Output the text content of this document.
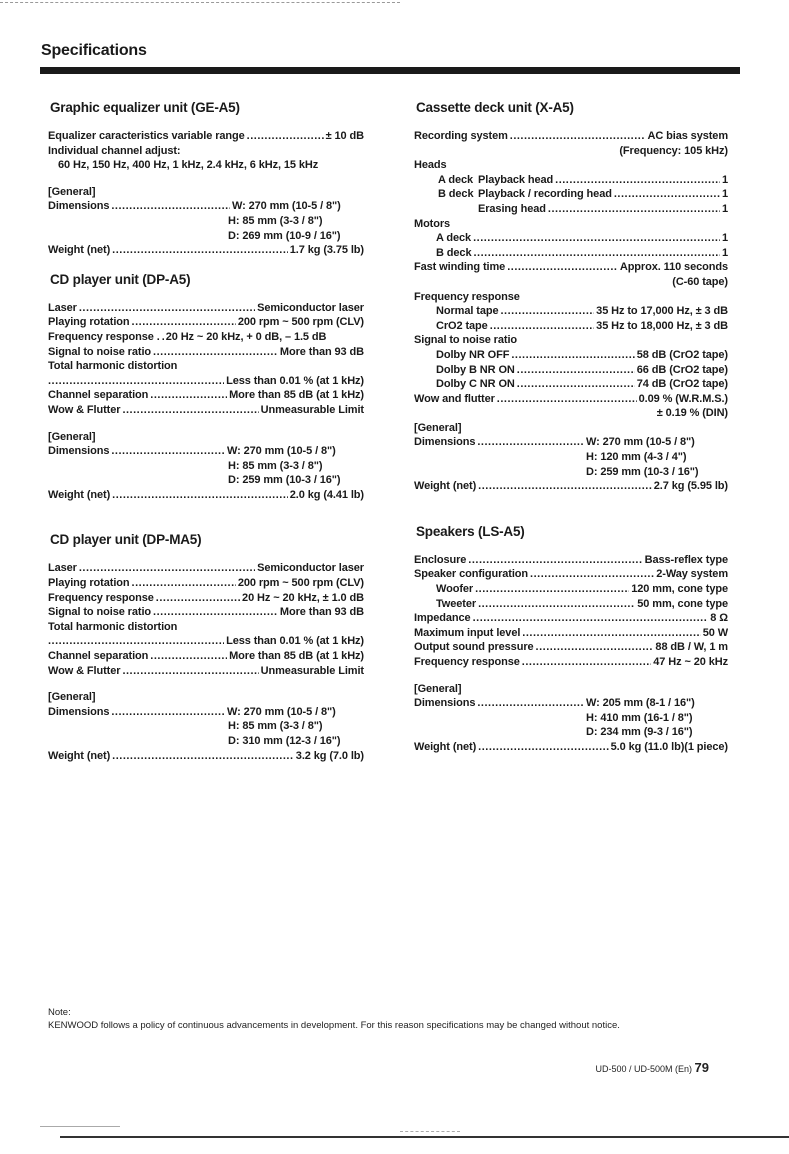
Specifications
Graphic equalizer unit (GE-A5)
Equalizer caracteristics variable range .....	± 10 dB
Individual channel adjust:
60 Hz, 150 Hz, 400 Hz, 1 kHz, 2.4 kHz, 6 kHz, 15 kHz
[General]
Dimensions .....	W: 270 mm (10-5 / 8")
H: 85 mm (3-3 / 8")
D: 269 mm (10-9 / 16")
Weight (net) .....	1.7 kg (3.75 lb)
CD player unit (DP-A5)
Laser .....	Semiconductor laser
Playing rotation .....	200 rpm ~ 500 rpm (CLV)
Frequency response . ..... 20 Hz ~ 20 kHz, + 0 dB, – 1.5 dB
Signal to noise ratio .....	More than 93 dB
Total harmonic distortion
.....
Less than 0.01 % (at 1 kHz)
Channel separation .....	More than 85 dB (at 1 kHz)
Wow & Flutter .....	Unmeasurable Limit
[General]
Dimensions .....	W: 270 mm (10-5 / 8")
H: 85 mm (3-3 / 8")
D: 259 mm (10-3 / 16")
Weight (net) .....	2.0 kg (4.41 lb)
CD player unit (DP-MA5)
Laser .....	Semiconductor laser
Playing rotation .....	200 rpm ~ 500 rpm (CLV)
Frequency response .....	20 Hz ~ 20 kHz, ± 1.0 dB
Signal to noise ratio .....	More than 93 dB
Total harmonic distortion
.....
Less than 0.01 % (at 1 kHz)
Channel separation .....	More than 85 dB (at 1 kHz)
Wow & Flutter .....	Unmeasurable Limit
[General]
Dimensions .....	W: 270 mm (10-5 / 8")
H: 85 mm (3-3 / 8")
D: 310 mm (12-3 / 16")
Weight (net) .....	3.2 kg (7.0 lb)
Cassette deck unit (X-A5)
Recording system .....	AC bias system
(Frequency: 105 kHz)
Heads
A deck Playback head .....	1
B deck Playback / recording head .....	1
Erasing head .....	1
Motors
A deck .....	1
B deck .....	1
Fast winding time .....	Approx. 110 seconds
(C-60 tape)
Frequency response
Normal tape .....	35 Hz to 17,000 Hz, ± 3 dB
CrO2 tape .....	35 Hz to 18,000 Hz, ± 3 dB
Signal to noise ratio
Dolby NR OFF .....	58 dB (CrO2 tape)
Dolby B NR ON .....	66 dB (CrO2 tape)
Dolby C NR ON .....	74 dB (CrO2 tape)
Wow and flutter .....	0.09 % (W.R.M.S.)
± 0.19 % (DIN)
[General]
Dimensions .....	W: 270 mm (10-5 / 8")
H: 120 mm (4-3 / 4")
D: 259 mm (10-3 / 16")
Weight (net) .....	2.7 kg (5.95 lb)
Speakers (LS-A5)
Enclosure .....	Bass-reflex type
Speaker configuration .....	2-Way system
Woofer .....	120 mm, cone type
Tweeter .....	50 mm, cone type
Impedance .....	8 Ω
Maximum input level .....	50 W
Output sound pressure .....	88 dB / W, 1 m
Frequency response .....	47 Hz ~ 20 kHz
[General]
Dimensions .....	W: 205 mm (8-1 / 16")
H: 410 mm (16-1 / 8")
D: 234 mm (9-3 / 16")
Weight (net) .....	5.0 kg (11.0 lb)(1 piece)
Note:
KENWOOD follows a policy of continuous advancements in development. For this reason specifications may be changed without notice.
UD-500 / UD-500M (En) 79
